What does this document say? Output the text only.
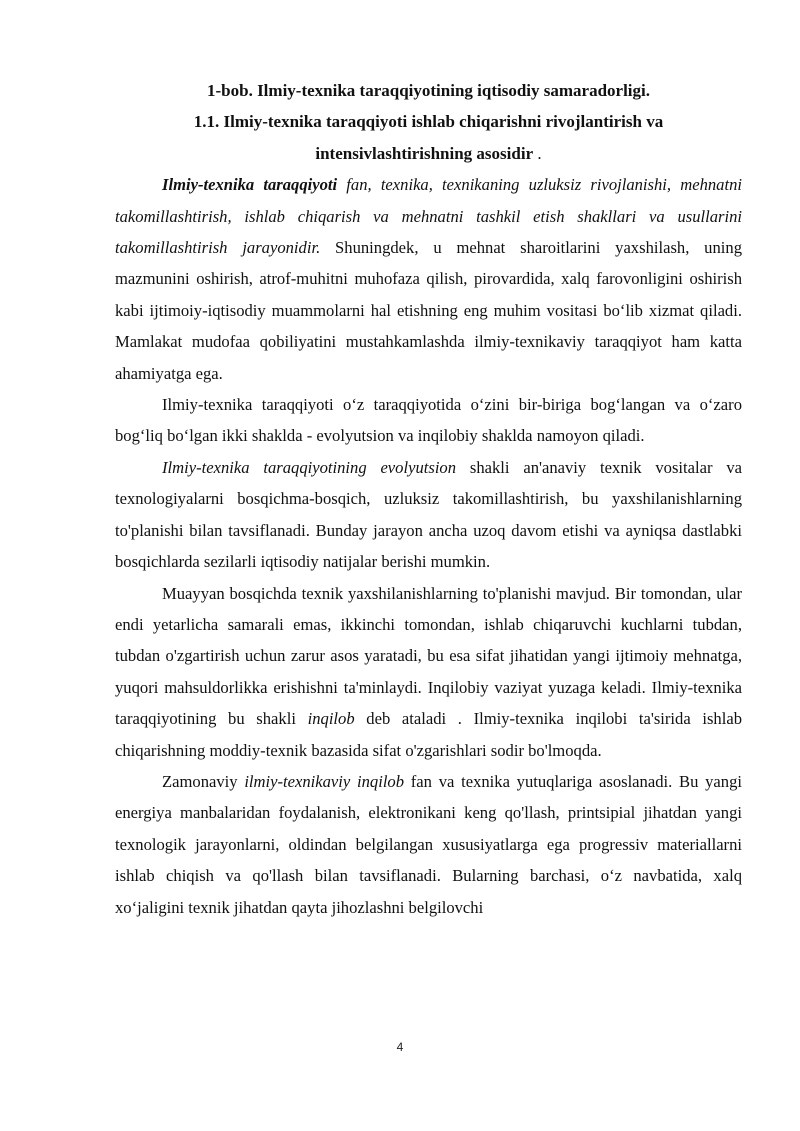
1-bob. Ilmiy-texnika taraqqiyotining iqtisodiy samaradorligi.
1.1. Ilmiy-texnika taraqqiyoti ishlab chiqarishni rivojlantirish va intensivlashtirishning asosidir .

Ilmiy-texnika taraqqiyoti fan, texnika, texnikaning uzluksiz rivojlanishi, mehnatni takomillashtirish, ishlab chiqarish va mehnatni tashkil etish shakllari va usullarini takomillashtirish jarayonidir. Shuningdek, u mehnat sharoitlarini yaxshilash, uning mazmunini oshirish, atrof-muhitni muhofaza qilish, pirovardida, xalq farovonligini oshirish kabi ijtimoiy-iqtisodiy muammolarni hal etishning eng muhim vositasi bo‘lib xizmat qiladi. Mamlakat mudofaa qobiliyatini mustahkamlashda ilmiy-texnikaviy taraqqiyot ham katta ahamiyatga ega.

Ilmiy-texnika taraqqiyoti o‘z taraqqiyotida o‘zini bir-biriga bog‘langan va o‘zaro bog‘liq bo‘lgan ikki shaklda - evolyutsion va inqilobiy shaklda namoyon qiladi.

Ilmiy-texnika taraqqiyotining evolyutsion shakli an'anaviy texnik vositalar va texnologiyalarni bosqichma-bosqich, uzluksiz takomillashtirish, bu yaxshilanishlarning to'planishi bilan tavsiflanadi. Bunday jarayon ancha uzoq davom etishi va ayniqsa dastlabki bosqichlarda sezilarli iqtisodiy natijalar berishi mumkin.

Muayyan bosqichda texnik yaxshilanishlarning to'planishi mavjud. Bir tomondan, ular endi yetarlicha samarali emas, ikkinchi tomondan, ishlab chiqaruvchi kuchlarni tubdan, tubdan o'zgartirish uchun zarur asos yaratadi, bu esa sifat jihatidan yangi ijtimoiy mehnatga, yuqori mahsuldorlikka erishishni ta'minlaydi. Inqilobiy vaziyat yuzaga keladi. Ilmiy-texnika taraqqiyotining bu shakli inqilob deb ataladi . Ilmiy-texnika inqilobi ta'sirida ishlab chiqarishning moddiy-texnik bazasida sifat o'zgarishlari sodir bo'lmoqda.

Zamonaviy ilmiy-texnikaviy inqilob fan va texnika yutuqlariga asoslanadi. Bu yangi energiya manbalaridan foydalanish, elektronikani keng qo'llash, printsipial jihatdan yangi texnologik jarayonlarni, oldindan belgilangan xususiyatlarga ega progressiv materiallarni ishlab chiqish va qo'llash bilan tavsiflanadi. Bularning barchasi, o‘z navbatida, xalq xo‘jaligini texnik jihatdan qayta jihozlashni belgilovchi

4
